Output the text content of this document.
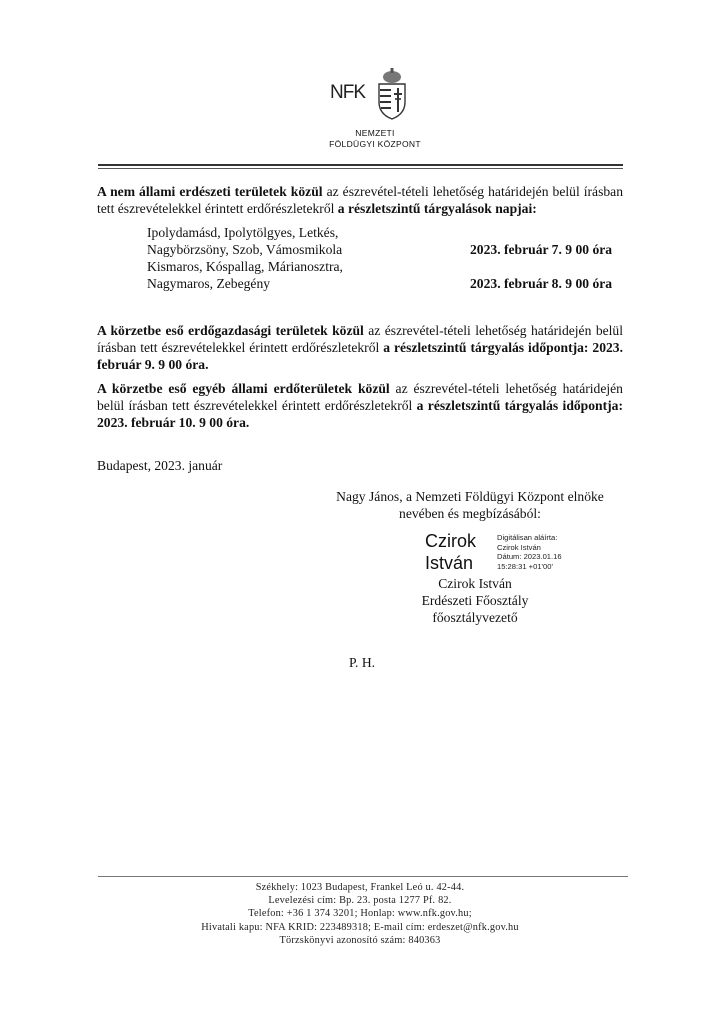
NFK
NEMZETI
FÖLDÜGYI KÖZPONT
A nem állami erdészeti területek közül az észrevétel-tételi lehetőség határidején belül írásban tett észrevételekkel érintett erdőrészletekről a részletszintű tárgyalások napjai:
Ipolydamásd, Ipolytölgyes, Letkés,
Nagybörzsöny, Szob, Vámosmikola
Kismaros, Kóspallag, Márianosztra,
Nagymaros, Zebegény
2023. február 7. 9 00 óra
2023. február 8. 9 00 óra
A körzetbe eső erdőgazdasági területek közül az észrevétel-tételi lehetőség határidején belül írásban tett észrevételekkel érintett erdőrészletekről a részletszintű tárgyalás időpontja: 2023. február 9. 9 00 óra.
A körzetbe eső egyéb állami erdőterületek közül az észrevétel-tételi lehetőség határidején belül írásban tett észrevételekkel érintett erdőrészletekről a részletszintű tárgyalás időpontja: 2023. február 10. 9 00 óra.
Budapest, 2023. január
Nagy János, a Nemzeti Földügyi Központ elnöke
nevében és megbízásából:
Czirok
István
Digitálisan aláírta:
Czirok István
Dátum: 2023.01.16
15:28:31 +01'00'
Czirok István
Erdészeti Főosztály
főosztályvezető
P. H.
Székhely: 1023 Budapest, Frankel Leó u. 42-44.
Levelezési cím: Bp. 23. posta 1277 Pf. 82.
Telefon: +36 1 374 3201; Honlap: www.nfk.gov.hu;
Hivatali kapu: NFA KRID: 223489318; E-mail cím: erdeszet@nfk.gov.hu
Törzskönyvi azonosító szám: 840363
